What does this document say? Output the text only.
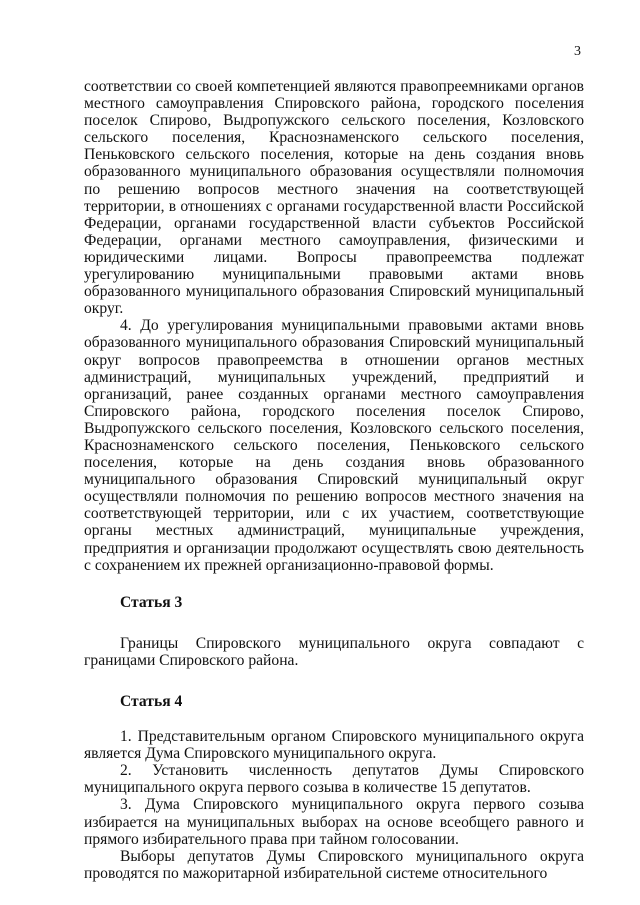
3

соответствии со своей компетенцией являются правопреемниками органов местного самоуправления Спировского района, городского поселения поселок Спирово, Выдропужского сельского поселения, Козловского сельского поселения, Краснознаменского сельского поселения, Пеньковского сельского поселения, которые на день создания вновь образованного муниципального образования осуществляли полномочия по решению вопросов местного значения на соответствующей территории, в отношениях с органами государственной власти Российской Федерации, органами государственной власти субъектов Российской Федерации, органами местного самоуправления, физическими и юридическими лицами. Вопросы правопреемства подлежат урегулированию муниципальными правовыми актами вновь образованного муниципального образования Спировский муниципальный округ.

4. До урегулирования муниципальными правовыми актами вновь образованного муниципального образования Спировский муниципальный округ вопросов правопреемства в отношении органов местных администраций, муниципальных учреждений, предприятий и организаций, ранее созданных органами местного самоуправления Спировского района, городского поселения поселок Спирово, Выдропужского сельского поселения, Козловского сельского поселения, Краснознаменского сельского поселения, Пеньковского сельского поселения, которые на день создания вновь образованного муниципального образования Спировский муниципальный округ осуществляли полномочия по решению вопросов местного значения на соответствующей территории, или с их участием, соответствующие органы местных администраций, муниципальные учреждения, предприятия и организации продолжают осуществлять свою деятельность с сохранением их прежней организационно-правовой формы.

Статья 3

Границы Спировского муниципального округа совпадают с границами Спировского района.

Статья 4

1. Представительным органом Спировского муниципального округа является Дума Спировского муниципального округа.

2. Установить численность депутатов Думы Спировского муниципального округа первого созыва в количестве 15 депутатов.

3. Дума Спировского муниципального округа первого созыва избирается на муниципальных выборах на основе всеобщего равного и прямого избирательного права при тайном голосовании.

Выборы депутатов Думы Спировского муниципального округа проводятся по мажоритарной избирательной системе относительного
